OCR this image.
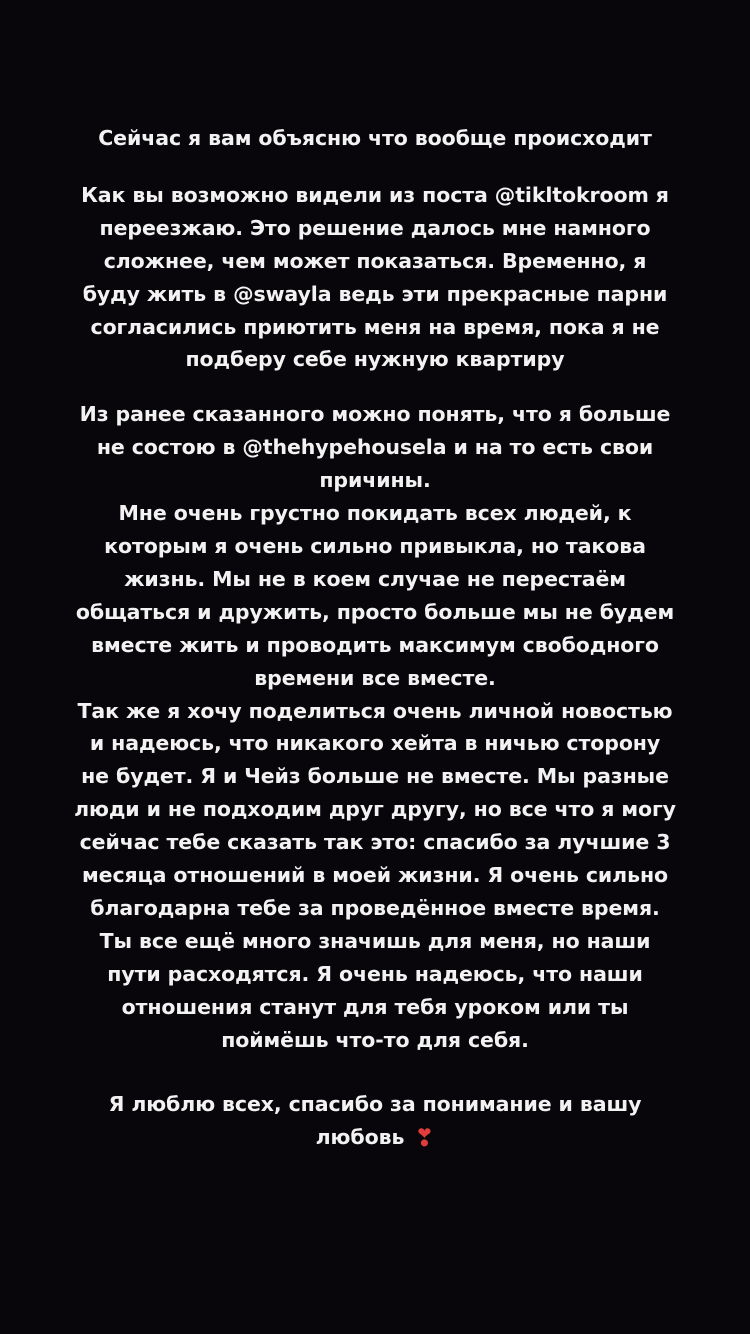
Сейчас я вам объясню что вообще происходит
Как вы возможно видели из поста @tikltokroom я
переезжаю. Это решение далось мне намного
сложнее, чем может показаться. Временно, я
буду жить в @swayla ведь эти прекрасные парни
согласились приютить меня на время, пока я не
подберу себе нужную квартиру
Из ранее сказанного можно понять, что я больше
не состою в @thehypehousela и на то есть свои
причины.
Мне очень грустно покидать всех людей, к
которым я очень сильно привыкла, но такова
жизнь. Мы не в коем случае не перестаём
общаться и дружить, просто больше мы не будем
вместе жить и проводить максимум свободного
времени все вместе.
Так же я хочу поделиться очень личной новостью
и надеюсь, что никакого хейта в ничью сторону
не будет. Я и Чейз больше не вместе. Мы разные
люди и не подходим друг другу, но все что я могу
сейчас тебе сказать так это: спасибо за лучшие 3
месяца отношений в моей жизни. Я очень сильно
благодарна тебе за проведённое вместе время.
Ты все ещё много значишь для меня, но наши
пути расходятся. Я очень надеюсь, что наши
отношения станут для тебя уроком или ты
поймёшь что-то для себя.
Я люблю всех, спасибо за понимание и вашу
любовь ❣
